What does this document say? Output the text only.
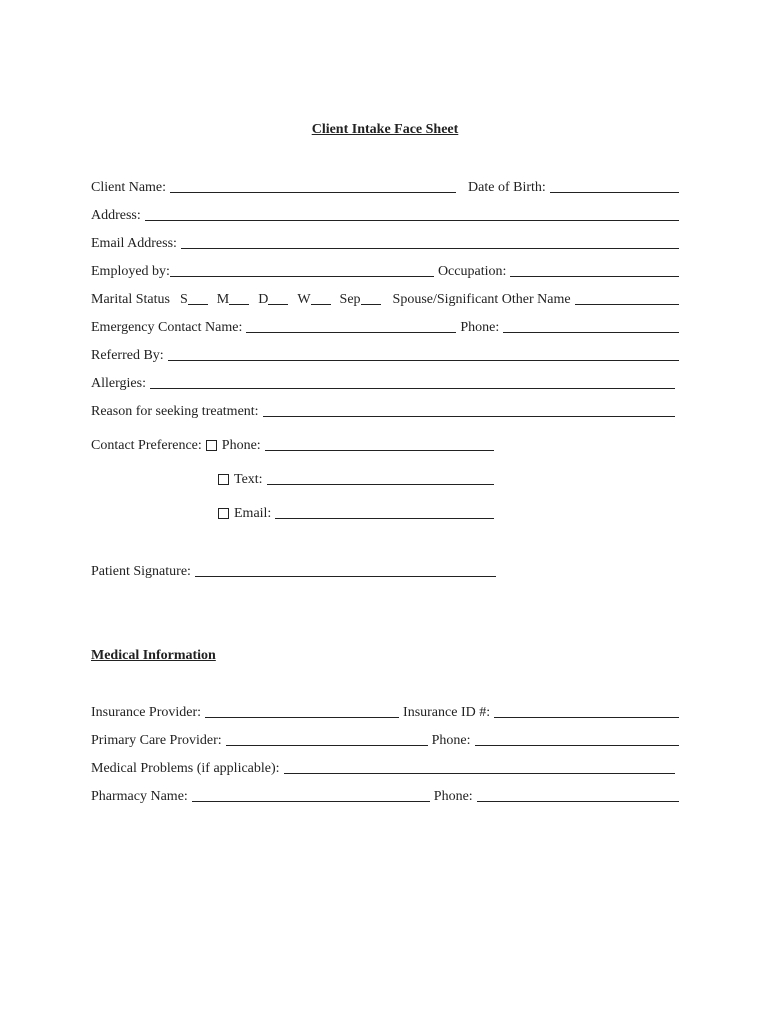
Client Intake Face Sheet
Client Name:	Date of Birth:
Address:
Email Address:
Employed by:	Occupation:
Marital Status S M D W Sep Spouse/Significant Other Name
Emergency Contact Name:	Phone:
Referred By:
Allergies:
Reason for seeking treatment:
Contact Preference: Phone:
Text:
Email:
Patient Signature:
Medical Information
Insurance Provider:	Insurance ID #:
Primary Care Provider:	Phone:
Medical Problems (if applicable):
Pharmacy Name:	Phone:
